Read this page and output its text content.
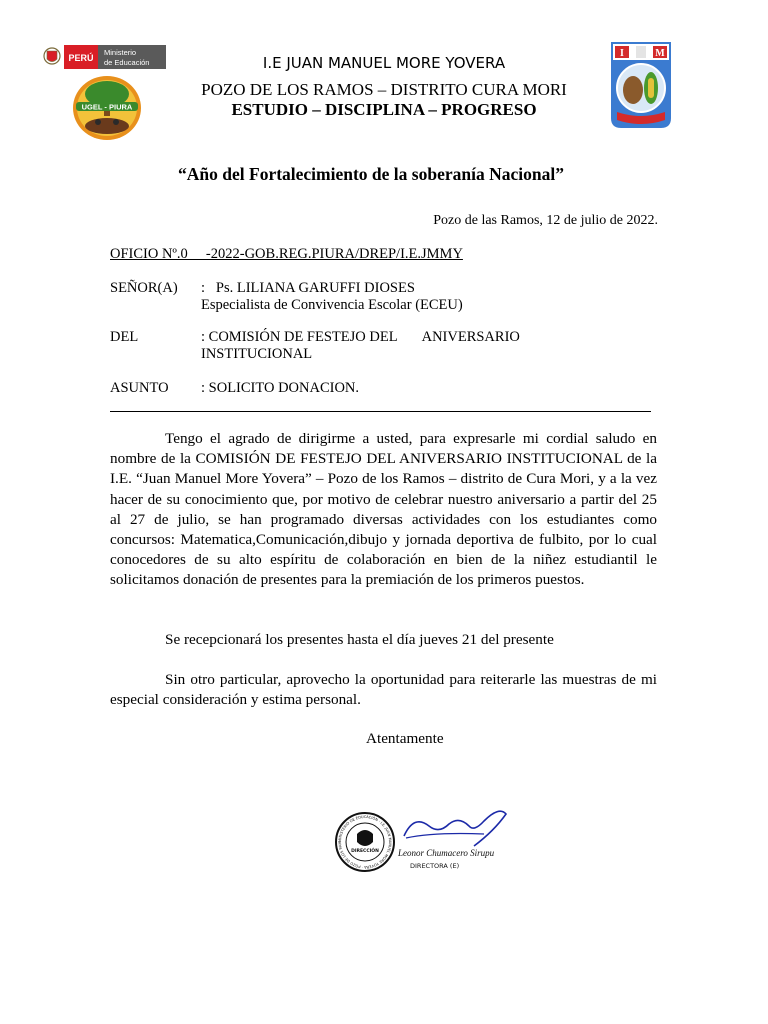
PERÚ
Ministerio
de Educación
UGEL - PIURA
I	M
I.E JUAN MANUEL MORE YOVERA
POZO DE LOS RAMOS – DISTRITO CURA MORI
ESTUDIO – DISCIPLINA – PROGRESO
“Año del Fortalecimiento de la soberanía Nacional”
Pozo de las Ramos, 12 de julio de 2022.
OFICIO Nº.0     -2022-GOB.REG.PIURA/DREP/I.E.JMMY
SEÑOR(A) :   Ps. LILIANA GARUFFI DIOSES
Especialista de Convivencia Escolar (ECEU)
DEL	: COMISIÓN DE FESTEJO DEL       ANIVERSARIO
INSTITUCIONAL
ASUNTO : SOLICITO DONACION.
Tengo el agrado de dirigirme a usted, para expresarle mi cordial saludo en nombre de la COMISIÓN DE FESTEJO DEL ANIVERSARIO INSTITUCIONAL de la I.E. “Juan Manuel More Yovera” – Pozo de los Ramos – distrito de Cura Mori, y a la vez hacer de su conocimiento que, por motivo de celebrar nuestro aniversario a partir del 25 al 27 de julio, se han programado diversas actividades con los estudiantes como concursos: Matematica,Comunicación,dibujo y jornada deportiva de fulbito, por lo cual conocedores de su alto espíritu de colaboración en bien de la niñez estudiantil le solicitamos donación de presentes para la premiación de los primeros puestos.
Se recepcionará los presentes hasta el día jueves 21 del presente
Sin otro particular, aprovecho la oportunidad para reiterarle las muestras de mi especial consideración y estima personal.
Atentamente
DIRECCIÓN
MINISTERIO DE EDUCACIÓN · I.E. JUAN MANUEL MORE YOVERA · POZO DE LOS RAM
Leonor Chumacero Sirupu
DIRECTORA (E)
